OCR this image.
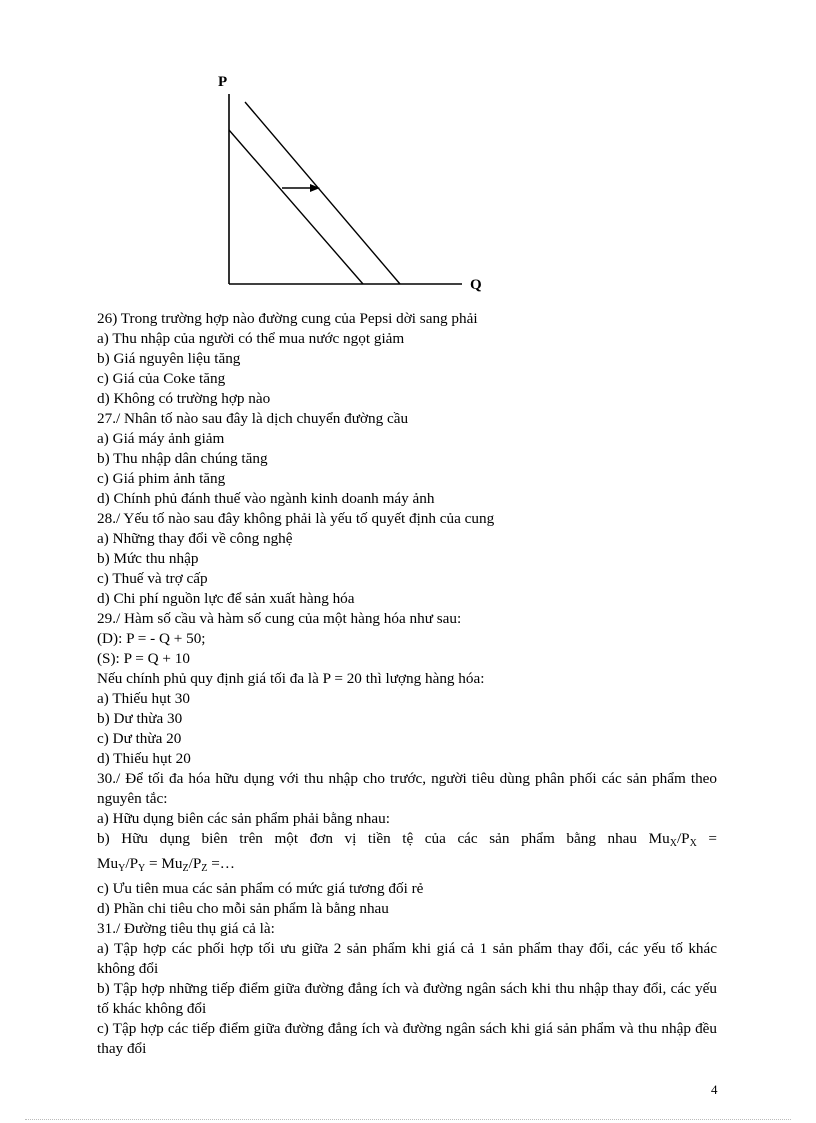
P
Q
26) Trong trường hợp nào đường cung của Pepsi dời sang phải
a) Thu nhập của người có thể mua nước ngọt giảm
b) Giá nguyên liệu tăng
c) Giá của Coke tăng
d) Không có trường hợp nào
27./ Nhân tố nào sau đây là dịch chuyển đường cầu
a) Giá máy ảnh giảm
b) Thu nhập dân chúng tăng
c) Giá phim ảnh tăng
d) Chính phủ đánh thuế vào ngành kinh doanh máy ảnh
28./ Yếu tố nào sau đây không phải là yếu tố quyết định của cung
a) Những thay đổi về công nghệ
b) Mức thu nhập
c) Thuế và trợ cấp
d) Chi phí nguồn lực để sản xuất hàng hóa
29./ Hàm số cầu và hàm số cung của một hàng hóa như sau:
(D): P = - Q + 50;
(S): P = Q + 10
Nếu chính phủ quy định giá tối đa là P = 20 thì lượng hàng hóa:
a) Thiếu hụt 30
b) Dư thừa 30
c) Dư thừa 20
d) Thiếu hụt 20
30./ Để tối đa hóa hữu dụng với thu nhập cho trước, người tiêu dùng phân phối các sản phẩm theo nguyên tắc:
a) Hữu dụng biên các sản phẩm phải bằng nhau:
b) Hữu dụng biên trên một đơn vị tiền tệ của các sản phẩm bằng nhau $Mu_X/P_X$ =
$Mu_Y/P_Y = Mu_Z/P_Z$ =…
c) Ưu tiên mua các sản phẩm có mức giá tương đối rẻ
d) Phần chi tiêu cho mỗi sản phẩm là bằng nhau
31./ Đường tiêu thụ giá cả là:
a) Tập hợp các phối hợp tối ưu giữa 2 sản phẩm khi giá cả 1 sản phẩm thay đổi, các yếu tố khác không đổi
b) Tập hợp những tiếp điểm giữa đường đẳng ích và đường ngân sách khi thu nhập thay đổi, các yếu tố khác không đổi
c) Tập hợp các tiếp điểm giữa đường đẳng ích và đường ngân sách khi giá sản phẩm và thu nhập đều thay đổi
4
